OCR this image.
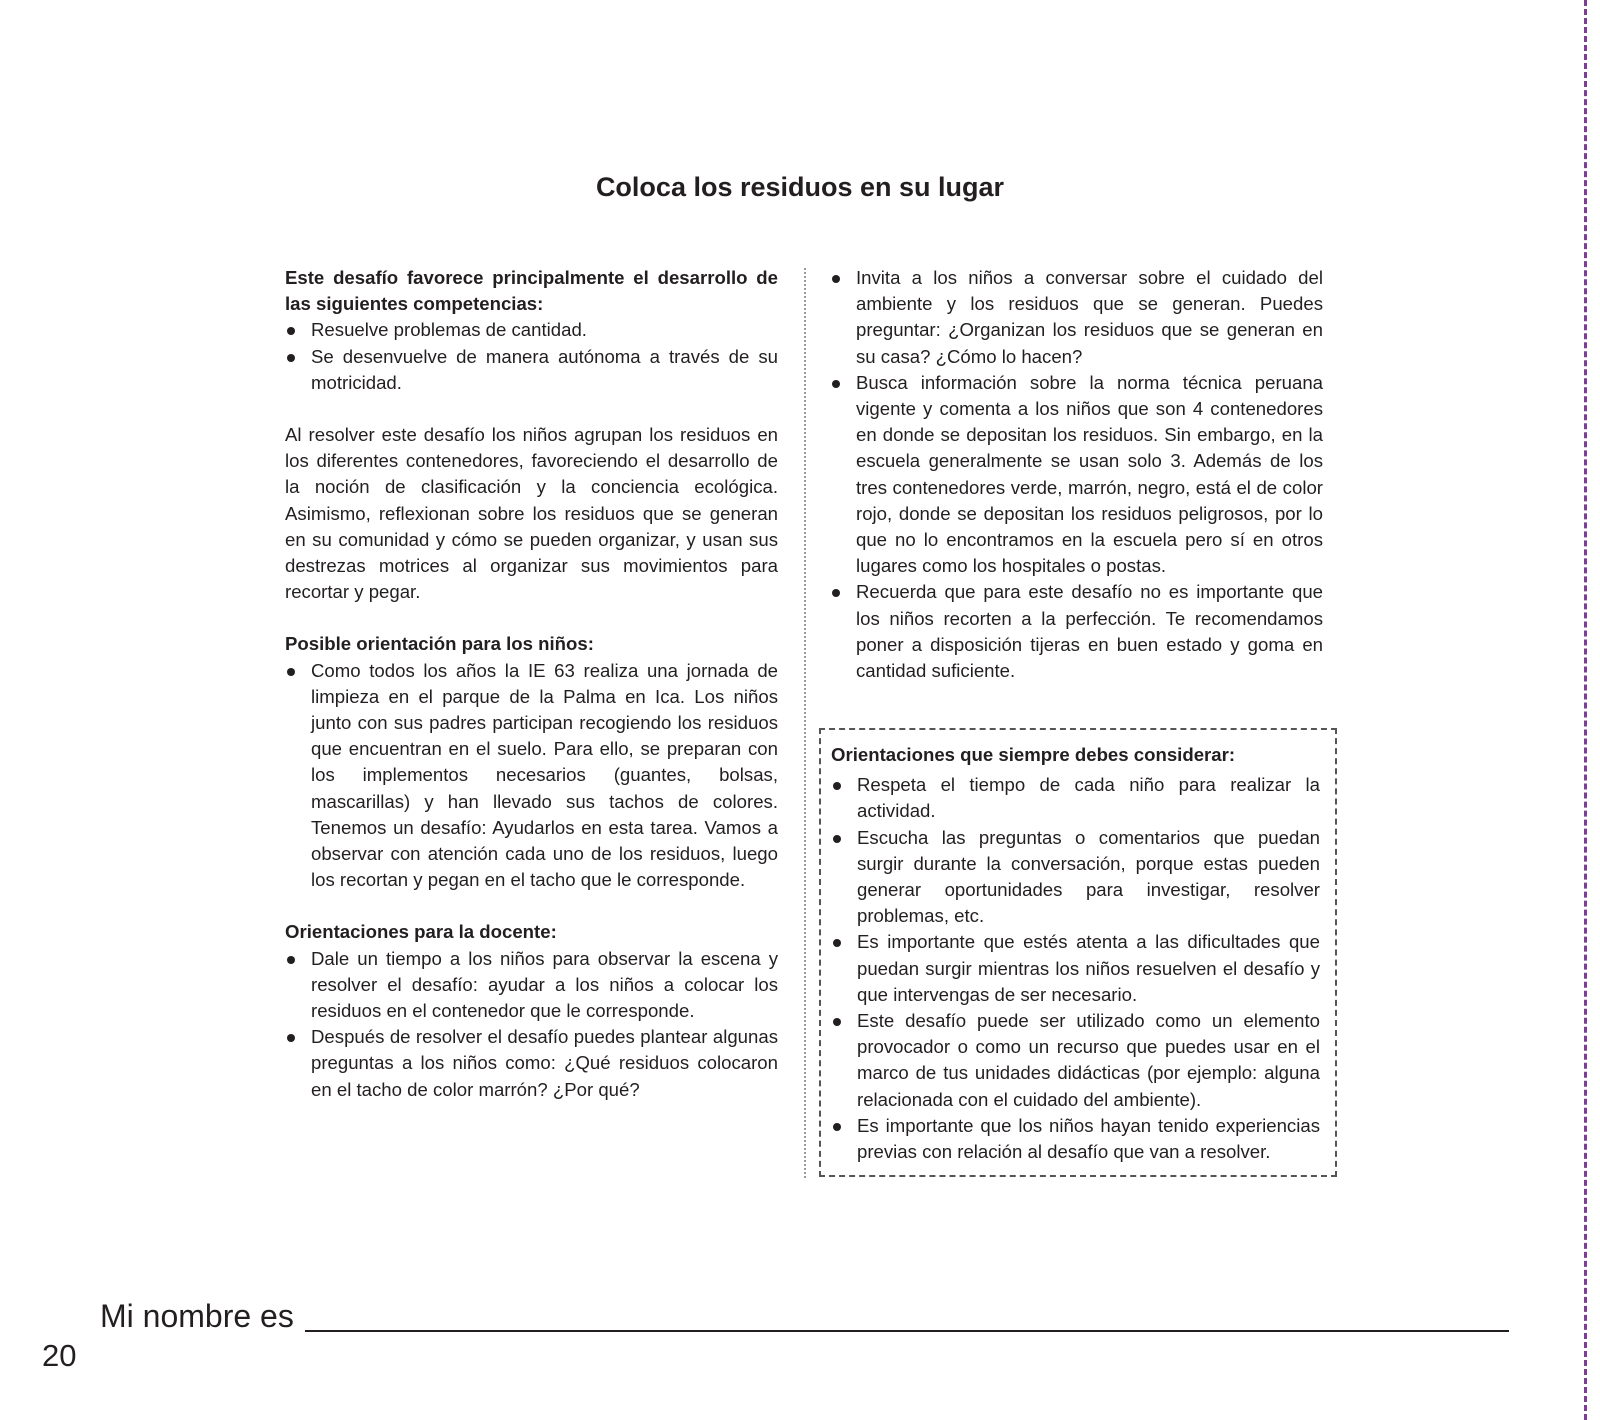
Coloca los residuos en su lugar

Este desafío favorece principalmente el desarrollo de las siguientes competencias:

Resuelve problemas de cantidad.
Se desenvuelve de manera autónoma a través de su motricidad.

Al resolver este desafío los niños agrupan los residuos en los diferentes contenedores, favoreciendo el desarrollo de la noción de clasificación y la conciencia ecológica. Asimismo, reflexionan sobre los residuos que se generan en su comunidad y cómo se pueden organizar, y usan sus destrezas motrices al organizar sus movimientos para recortar y pegar.

Posible orientación para los niños:

Como todos los años la IE 63 realiza una jornada de limpieza en el parque de la Palma en Ica. Los niños junto con sus padres participan recogiendo los residuos que encuentran en el suelo. Para ello, se preparan con los implementos necesarios (guantes, bolsas, mascarillas) y han llevado sus tachos de colores. Tenemos un desafío: Ayudarlos en esta tarea. Vamos a observar con atención cada uno de los residuos, luego los recortan y pegan en el tacho que le corresponde.

Orientaciones para la docente:

Dale un tiempo a los niños para observar la escena y resolver el desafío: ayudar a los niños a colocar los residuos en el contenedor que le corresponde.
Después de resolver el desafío puedes plantear algunas preguntas a los niños como: ¿Qué residuos colocaron en el tacho de color marrón? ¿Por qué?
Invita a los niños a conversar sobre el cuidado del ambiente y los residuos que se generan. Puedes preguntar: ¿Organizan los residuos que se generan en su casa? ¿Cómo lo hacen?
Busca información sobre la norma técnica peruana vigente y comenta a los niños que son 4 contenedores en donde se depositan los residuos. Sin embargo, en la escuela generalmente se usan solo 3. Además de los tres contenedores verde, marrón, negro, está el de color rojo, donde se depositan los residuos peligrosos, por lo que no lo encontramos en la escuela pero sí en otros lugares como los hospitales o postas.
Recuerda que para este desafío no es importante que los niños recorten a la perfección. Te recomendamos poner a disposición tijeras en buen estado y goma en cantidad suficiente.

Orientaciones que siempre debes considerar:

Respeta el tiempo de cada niño para realizar la actividad.
Escucha las preguntas o comentarios que puedan surgir durante la conversación, porque estas pueden generar oportunidades para investigar, resolver problemas, etc.
Es importante que estés atenta a las dificultades que puedan surgir mientras los niños resuelven el desafío y que intervengas de ser necesario.
Este desafío puede ser utilizado como un elemento provocador o como un recurso que puedes usar en el marco de tus unidades didácticas (por ejemplo: alguna relacionada con el cuidado del ambiente).
Es importante que los niños hayan tenido experiencias previas con relación al desafío que van a resolver.
Mi nombre es
20
